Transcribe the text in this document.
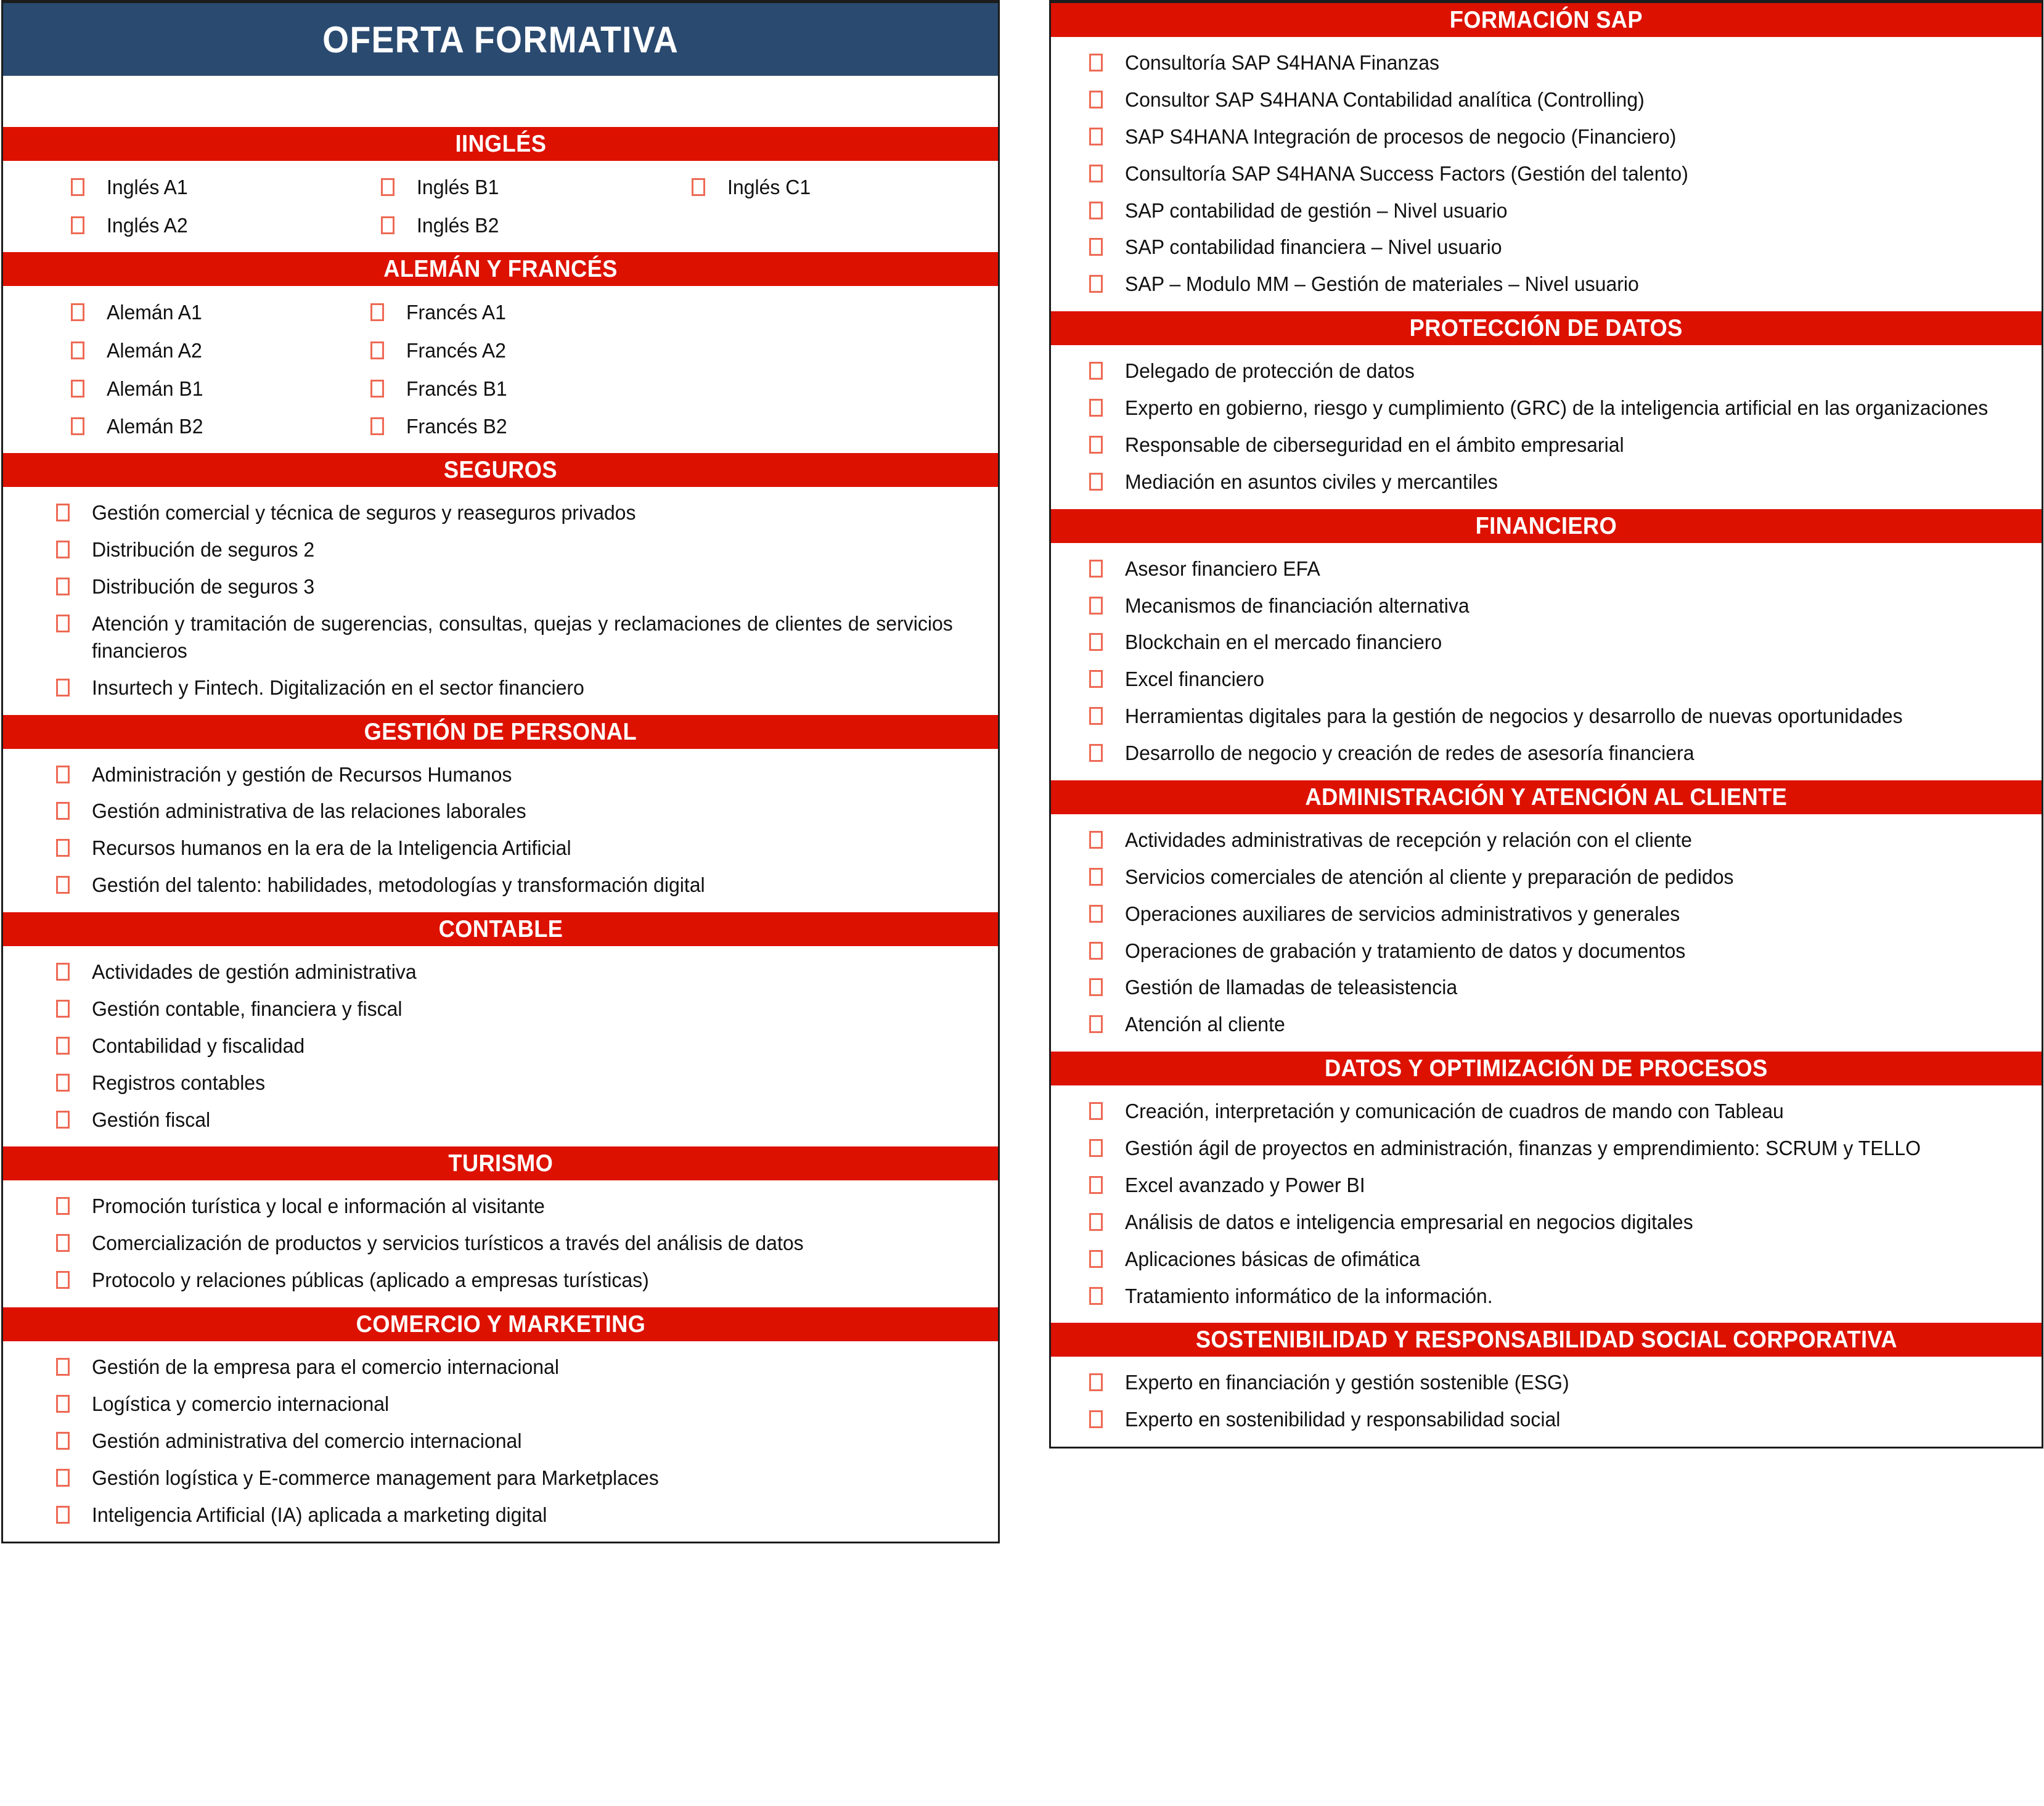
OFERTA FORMATIVA
IINGLÉS
Inglés A1	Inglés B1	Inglés C1
Inglés A2	Inglés B2
ALEMÁN Y FRANCÉS
Alemán A1	Francés A1
Alemán A2	Francés A2
Alemán B1	Francés B1
Alemán B2	Francés B2
SEGUROS
Gestión comercial y técnica de seguros y reaseguros privados
Distribución de seguros 2
Distribución de seguros 3
Atención y tramitación de sugerencias, consultas, quejas y reclamaciones de clientes de servicios financieros
Insurtech y Fintech. Digitalización en el sector financiero
GESTIÓN DE PERSONAL
Administración y gestión de Recursos Humanos
Gestión administrativa de las relaciones laborales
Recursos humanos en la era de la Inteligencia Artificial
Gestión del talento: habilidades, metodologías y transformación digital
CONTABLE
Actividades de gestión administrativa
Gestión contable, financiera y fiscal
Contabilidad y fiscalidad
Registros contables
Gestión fiscal
TURISMO
Promoción turística y local e información al visitante
Comercialización de productos y servicios turísticos a través del análisis de datos
Protocolo y relaciones públicas (aplicado a empresas turísticas)
COMERCIO Y MARKETING
Gestión de la empresa para el comercio internacional
Logística y comercio internacional
Gestión administrativa del comercio internacional
Gestión logística y E-commerce management para Marketplaces
Inteligencia Artificial (IA) aplicada a marketing digital
FORMACIÓN SAP
Consultoría SAP S4HANA Finanzas
Consultor SAP S4HANA Contabilidad analítica (Controlling)
SAP S4HANA Integración de procesos de negocio (Financiero)
Consultoría SAP S4HANA Success Factors (Gestión del talento)
SAP contabilidad de gestión – Nivel usuario
SAP contabilidad financiera – Nivel usuario
SAP – Modulo MM – Gestión de materiales – Nivel usuario
PROTECCIÓN DE DATOS
Delegado de protección de datos
Experto en gobierno, riesgo y cumplimiento (GRC) de la inteligencia artificial en las organizaciones
Responsable de ciberseguridad en el ámbito empresarial
Mediación en asuntos civiles y mercantiles
FINANCIERO
Asesor financiero EFA
Mecanismos de financiación alternativa
Blockchain en el mercado financiero
Excel financiero
Herramientas digitales para la gestión de negocios y desarrollo de nuevas oportunidades
Desarrollo de negocio y creación de redes de asesoría financiera
ADMINISTRACIÓN Y ATENCIÓN AL CLIENTE
Actividades administrativas de recepción y relación con el cliente
Servicios comerciales de atención al cliente y preparación de pedidos
Operaciones auxiliares de servicios administrativos y generales
Operaciones de grabación y tratamiento de datos y documentos
Gestión de llamadas de teleasistencia
Atención al cliente
DATOS Y OPTIMIZACIÓN DE PROCESOS
Creación, interpretación y comunicación de cuadros de mando con Tableau
Gestión ágil de proyectos en administración, finanzas y emprendimiento: SCRUM y TELLO
Excel avanzado y Power BI
Análisis de datos e inteligencia empresarial en negocios digitales
Aplicaciones básicas de ofimática
Tratamiento informático de la información.
SOSTENIBILIDAD Y RESPONSABILIDAD SOCIAL CORPORATIVA
Experto en financiación y gestión sostenible (ESG)
Experto en sostenibilidad y responsabilidad social
